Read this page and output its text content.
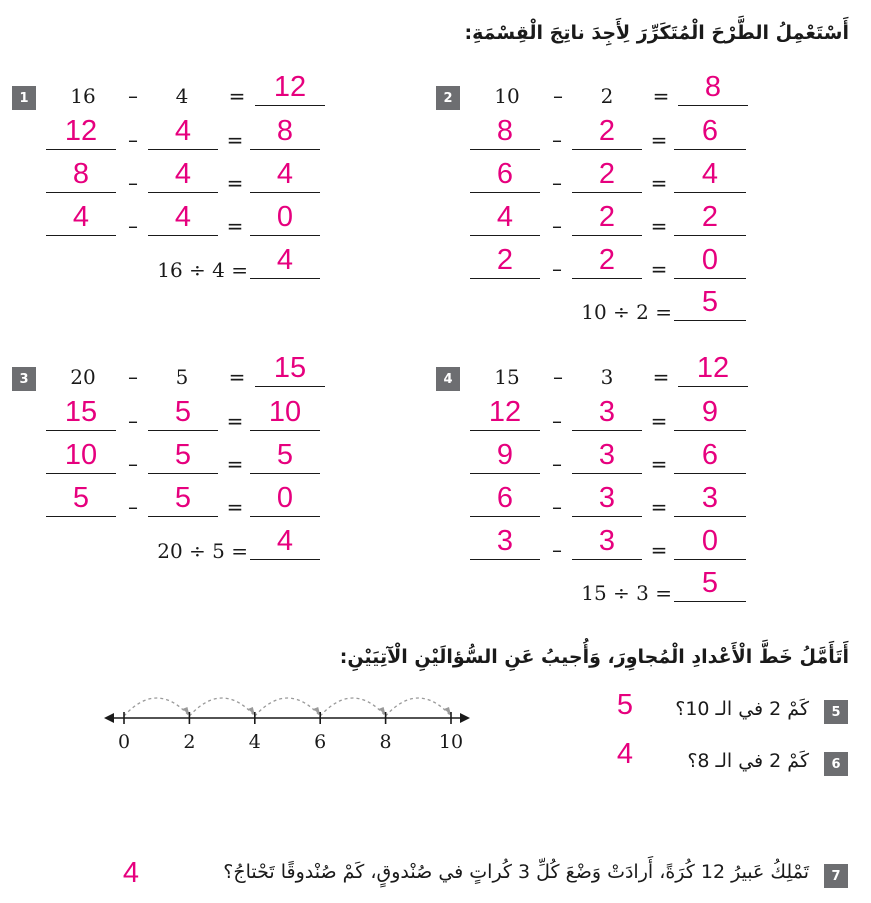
أَسْتَعْمِلُ الطَّرْحَ الْمُتَكَرِّرَ لِأَجِدَ ناتِجَ الْقِسْمَةِ:
1	16	–	4	= 12
12	–	4	=	8
8	–	4	=	4
4	–	4	=	0
16 ÷ 4 = 4
2	10	–	2	=	8
8	–	2	=	6
6	–	2	=	4
4	–	2	=	2
2	–	2	=	0
10 ÷ 2 =	5
3	20	–	5	= 15
15	–	5	= 10
10	–	5	=	5
5	–	5	=	0
20 ÷ 5 = 4
4	15	–	3	= 12
12	–	3	=	9
9	–	3	=	6
6	–	3	=	3
3	–	3	=	0
15 ÷ 3 =	5
أَتَأَمَّلُ خَطَّ الْأَعْدادِ الْمُجاوِرَ، وَأُجيبُ عَنِ السُّؤالَيْنِ الْآتِيَيْنِ:
0	2	4	6	8 10
5
كَمْ 2 في الـ 10؟
5
6
كَمْ 2 في الـ 8؟
4
7
تَمْلِكُ عَبيرُ 12 كُرَةً، أَرادَتْ وَضْعَ كُلِّ 3 كُراتٍ في صُنْدوقٍ، كَمْ صُنْدوقًا تَحْتاجُ؟
4
